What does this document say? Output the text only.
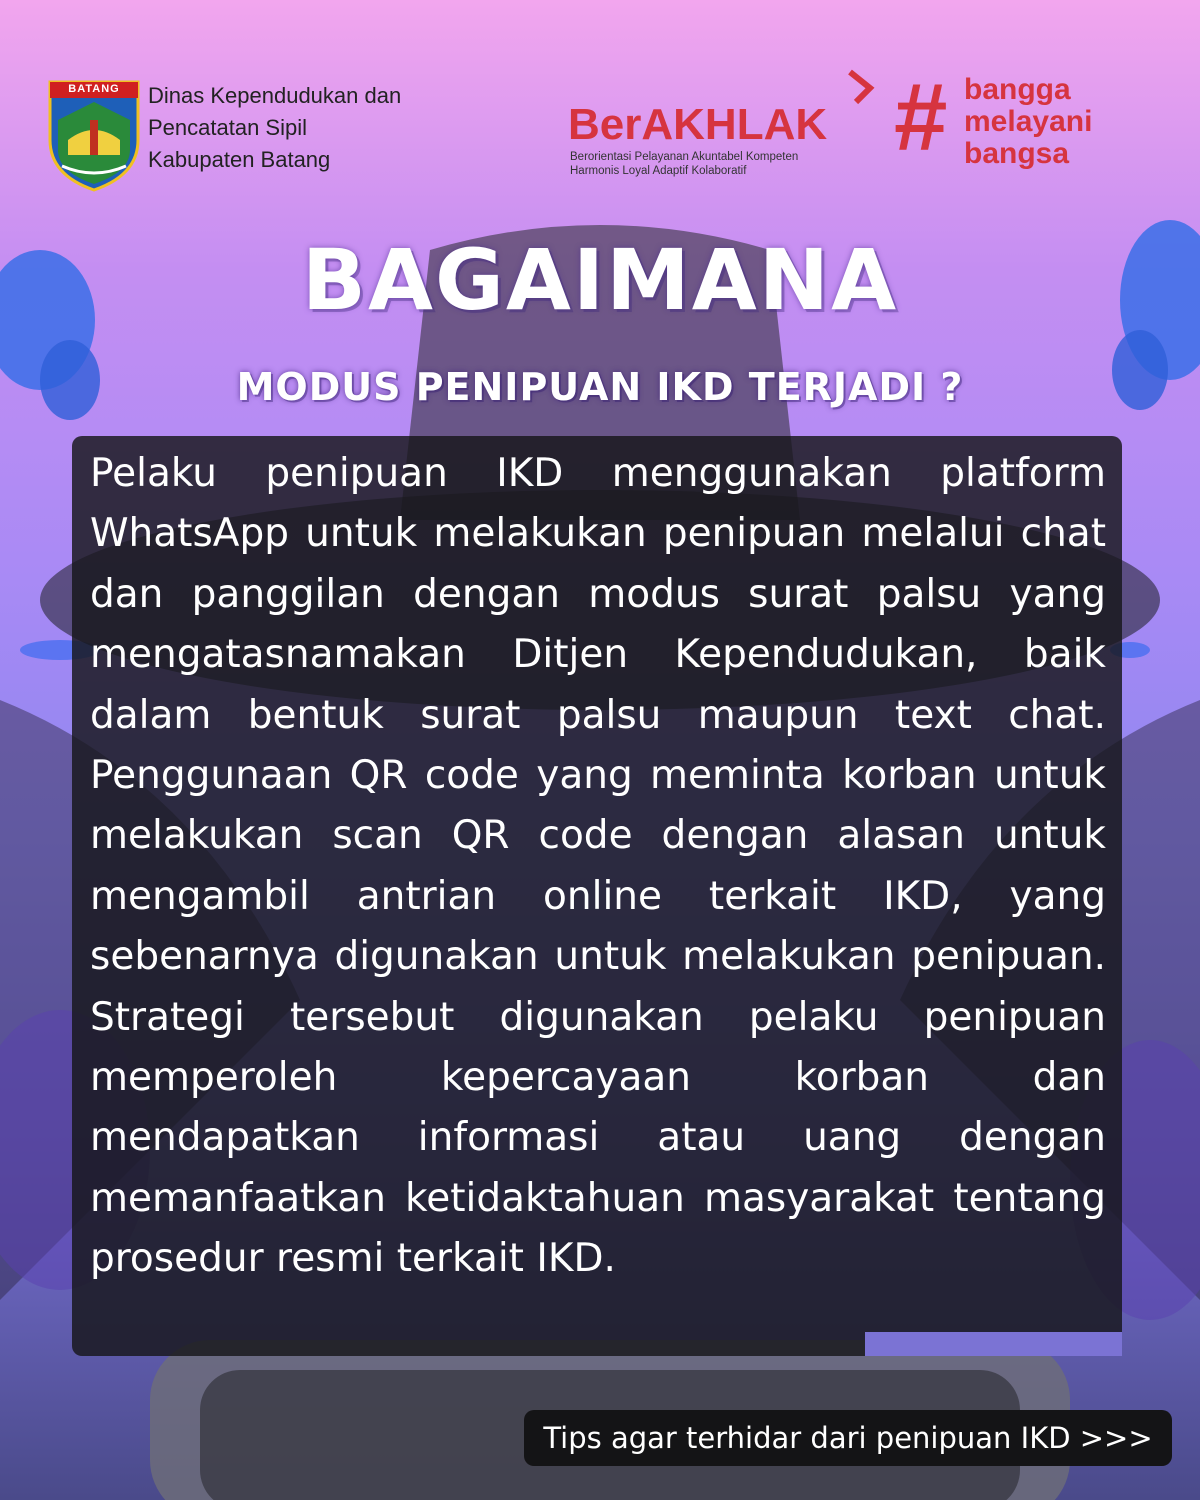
BATANG	Dinas Kependudukan dan
Pencatatan Sipil
Kabupaten Batang
BerAKHLAK
Berorientasi Pelayanan Akuntabel Kompeten
Harmonis Loyal Adaptif Kolaboratif	# bangga
melayani
bangsa
BAGAIMANA
MODUS PENIPUAN IKD TERJADI ?
Pelaku penipuan IKD menggunakan platform WhatsApp untuk melakukan penipuan melalui chat dan panggilan dengan modus surat palsu yang mengatasnamakan Ditjen Kependudukan, baik dalam bentuk surat palsu maupun text chat. Penggunaan QR code yang meminta korban untuk melakukan scan QR code dengan alasan untuk mengambil antrian online terkait IKD, yang sebenarnya digunakan untuk melakukan penipuan. Strategi tersebut digunakan pelaku penipuan memperoleh kepercayaan korban dan mendapatkan informasi atau uang dengan memanfaatkan ketidaktahuan masyarakat tentang prosedur resmi terkait IKD.
Tips agar terhidar dari penipuan IKD >>>
